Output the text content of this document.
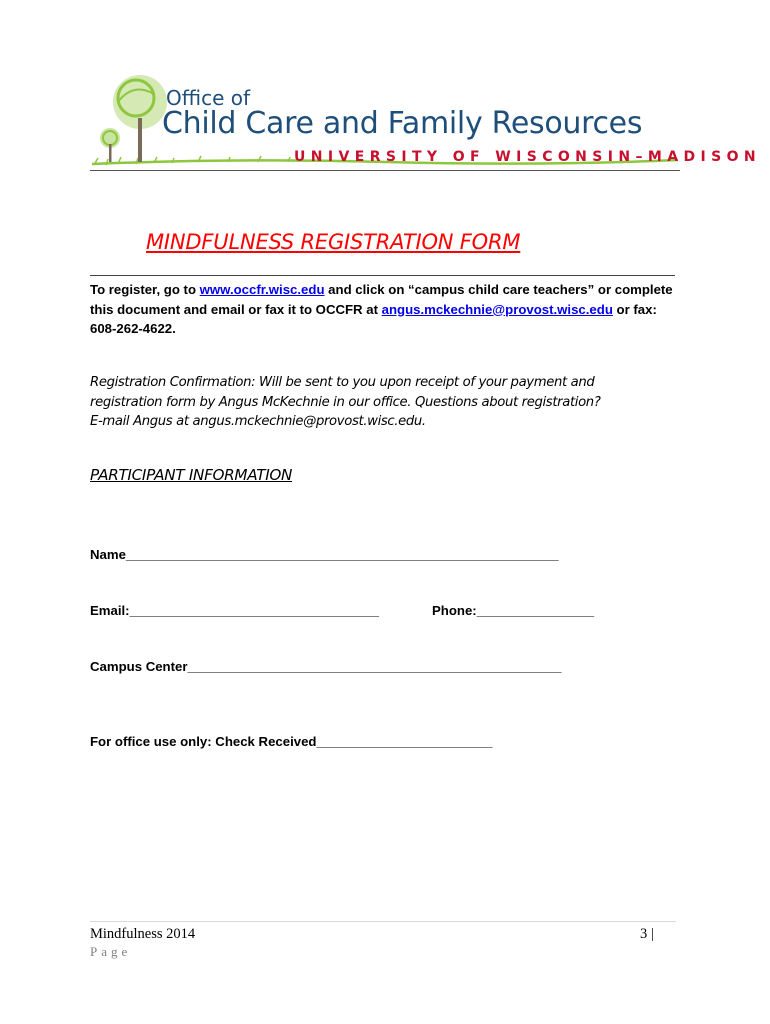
Office of
Child Care and Family Resources
UNIVERSITY OF WISCONSIN–MADISON
MINDFULNESS REGISTRATION FORM
To register, go to www.occfr.wisc.edu and click on “campus child care teachers” or complete this document and email or fax it to OCCFR at angus.mckechnie@provost.wisc.edu or fax: 608-262-4622.
Registration Confirmation: Will be sent to you upon receipt of your payment and
registration form by Angus McKechnie in our office. Questions about registration?
E-mail Angus at angus.mckechnie@provost.wisc.edu.
PARTICIPANT INFORMATION
Name___________________________________________________________
Email:__________________________________	Phone:________________
Campus Center___________________________________________________
For office use only: Check Received________________________
Mindfulness 2014
Page
3 |
